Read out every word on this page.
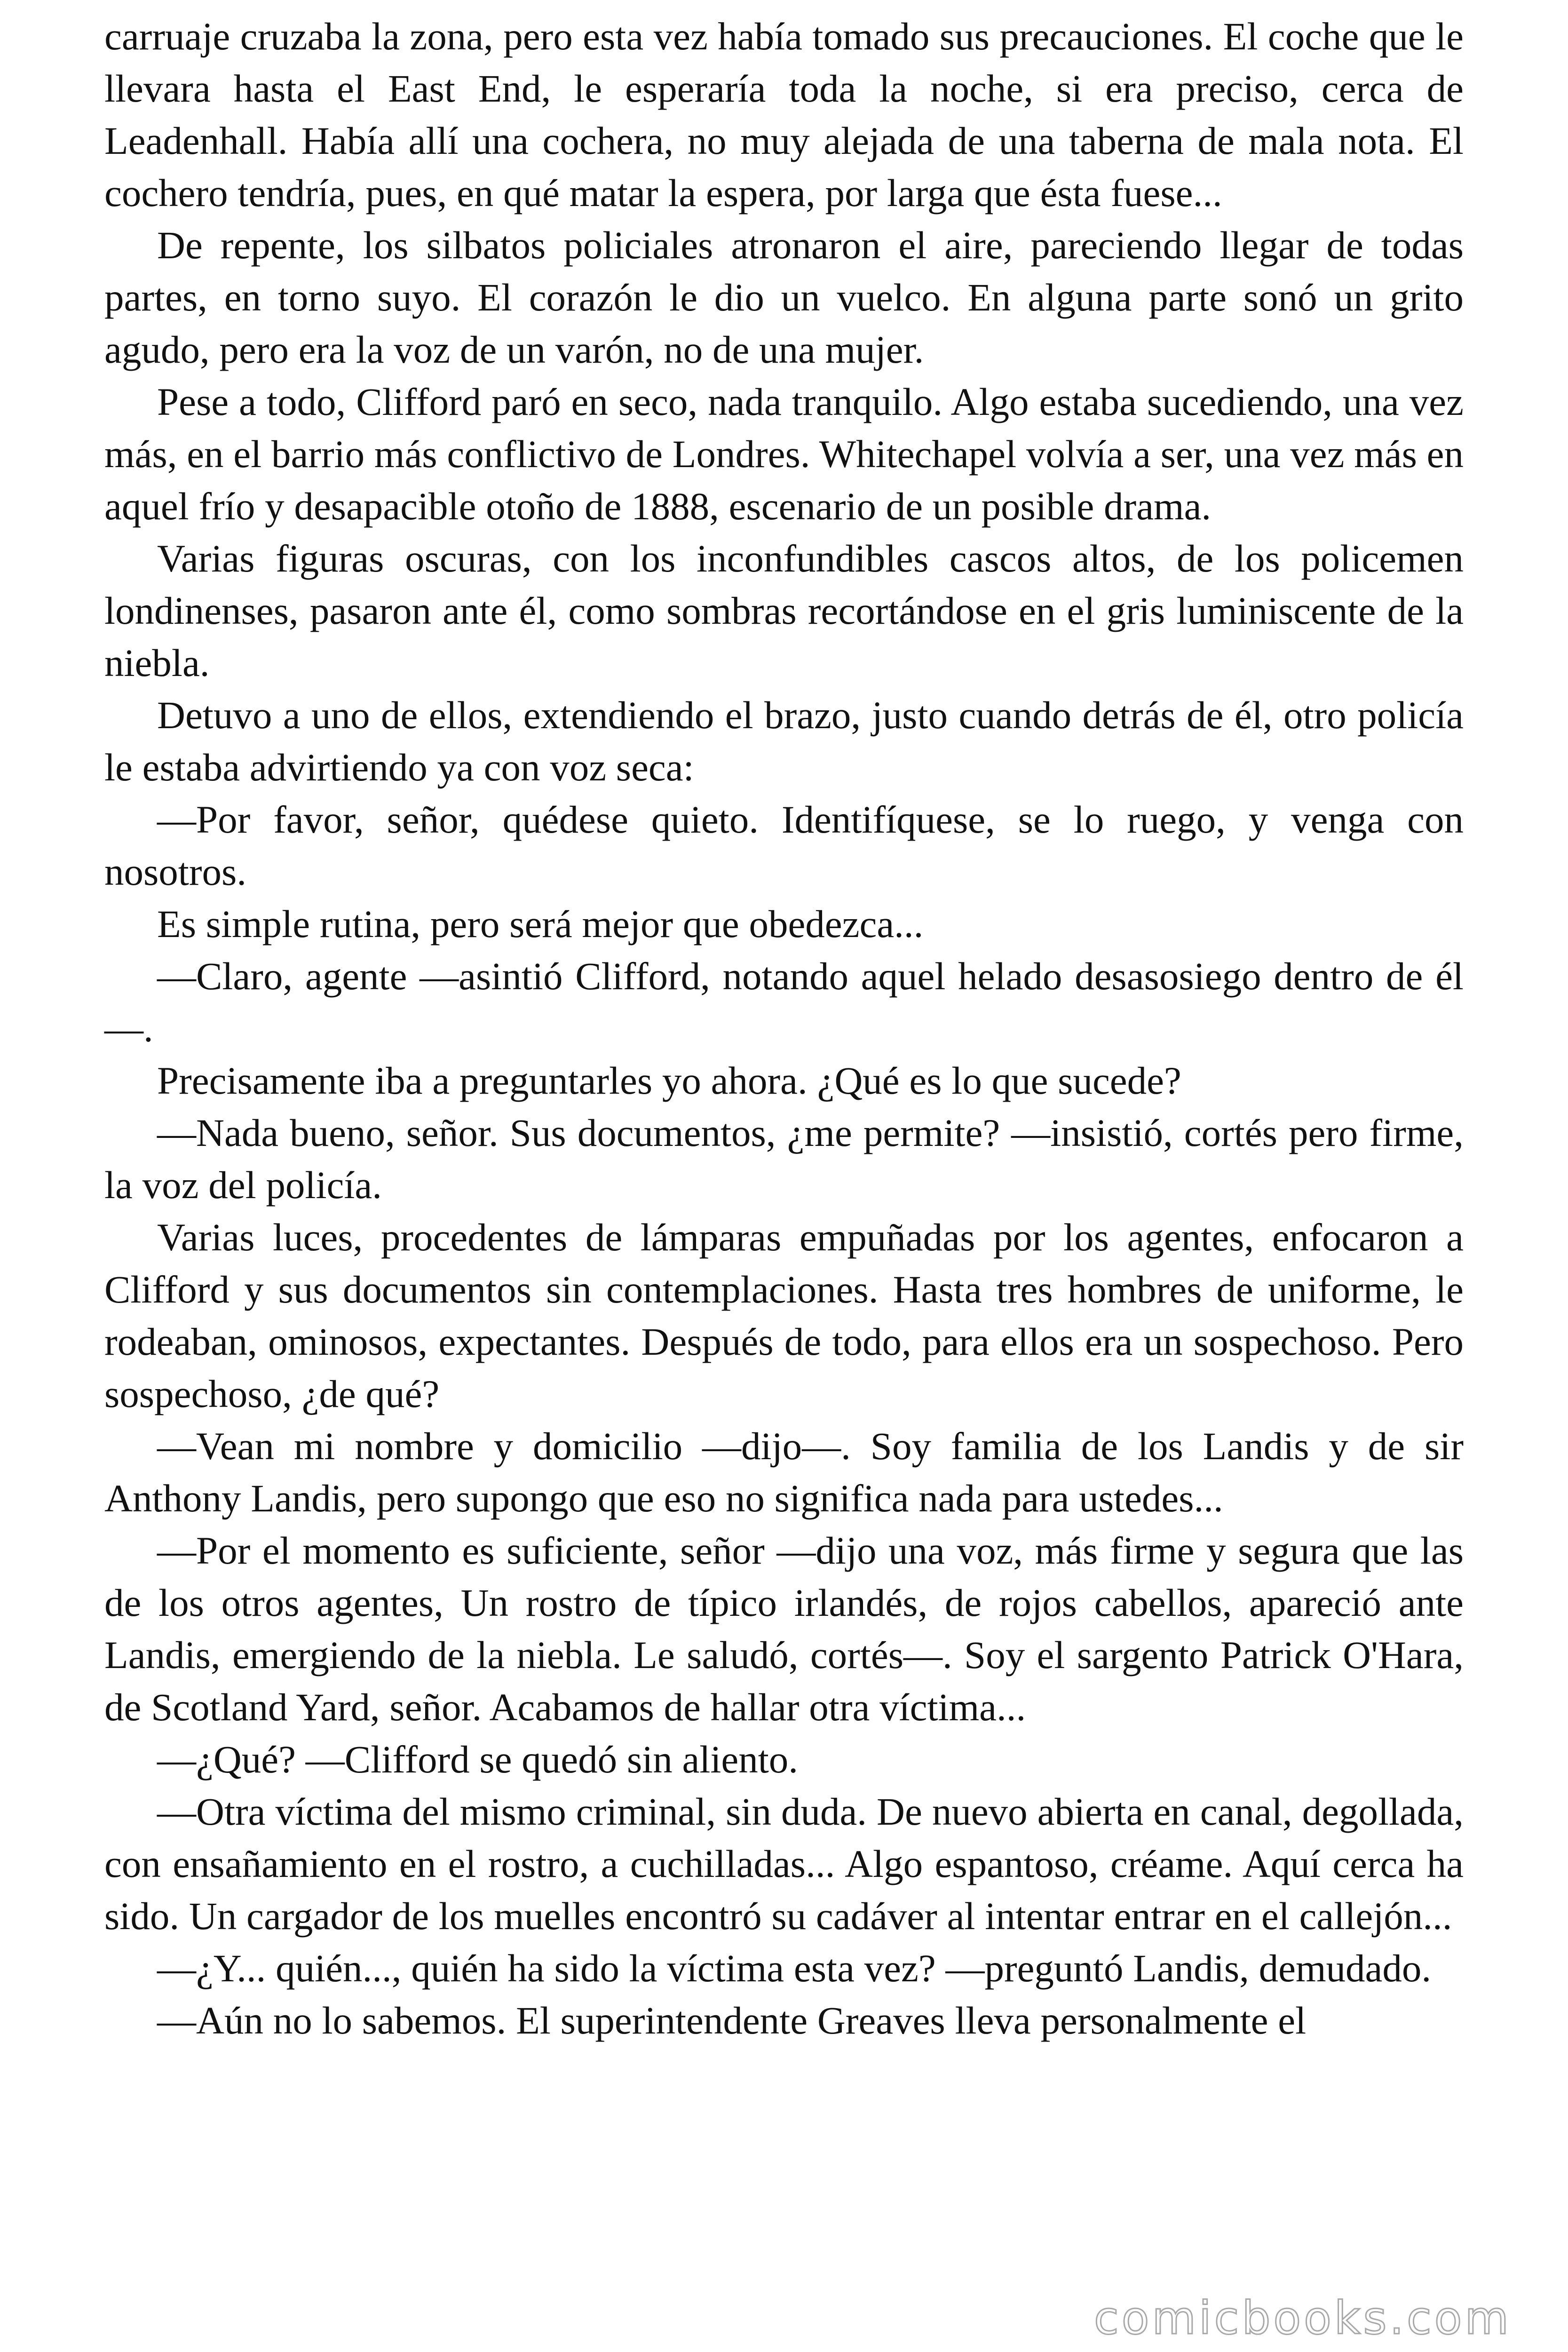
carruaje cruzaba la zona, pero esta vez había tomado sus precauciones. El coche que le llevara hasta el East End, le esperaría toda la noche, si era preciso, cerca de Leadenhall. Había allí una cochera, no muy alejada de una taberna de mala nota. El cochero tendría, pues, en qué matar la espera, por larga que ésta fuese...

De repente, los silbatos policiales atronaron el aire, pareciendo llegar de todas partes, en torno suyo. El corazón le dio un vuelco. En alguna parte sonó un grito agudo, pero era la voz de un varón, no de una mujer.

Pese a todo, Clifford paró en seco, nada tranquilo. Algo estaba sucediendo, una vez más, en el barrio más conflictivo de Londres. Whitechapel volvía a ser, una vez más en aquel frío y desapacible otoño de 1888, escenario de un posible drama.

Varias figuras oscuras, con los inconfundibles cascos altos, de los policemen londinenses, pasaron ante él, como sombras recortándose en el gris luminiscente de la niebla.

Detuvo a uno de ellos, extendiendo el brazo, justo cuando detrás de él, otro policía le estaba advirtiendo ya con voz seca:

—Por favor, señor, quédese quieto. Identifíquese, se lo ruego, y venga con nosotros.

Es simple rutina, pero será mejor que obedezca...

—Claro, agente —asintió Clifford, notando aquel helado desasosiego dentro de él—.

Precisamente iba a preguntarles yo ahora. ¿Qué es lo que sucede?

—Nada bueno, señor. Sus documentos, ¿me permite? —insistió, cortés pero firme, la voz del policía.

Varias luces, procedentes de lámparas empuñadas por los agentes, enfocaron a Clifford y sus documentos sin contemplaciones. Hasta tres hombres de uniforme, le rodeaban, ominosos, expectantes. Después de todo, para ellos era un sospechoso. Pero sospechoso, ¿de qué?

—Vean mi nombre y domicilio —dijo—. Soy familia de los Landis y de sir Anthony Landis, pero supongo que eso no significa nada para ustedes...

—Por el momento es suficiente, señor —dijo una voz, más firme y segura que las de los otros agentes, Un rostro de típico irlandés, de rojos cabellos, apareció ante Landis, emergiendo de la niebla. Le saludó, cortés—. Soy el sargento Patrick O'Hara, de Scotland Yard, señor. Acabamos de hallar otra víctima...

—¿Qué? —Clifford se quedó sin aliento.

—Otra víctima del mismo criminal, sin duda. De nuevo abierta en canal, degollada, con ensañamiento en el rostro, a cuchilladas... Algo espantoso, créame. Aquí cerca ha sido. Un cargador de los muelles encontró su cadáver al intentar entrar en el callejón...

—¿Y... quién..., quién ha sido la víctima esta vez? —preguntó Landis, demudado.

—Aún no lo sabemos. El superintendente Greaves lleva personalmente el

comicbooks.com
